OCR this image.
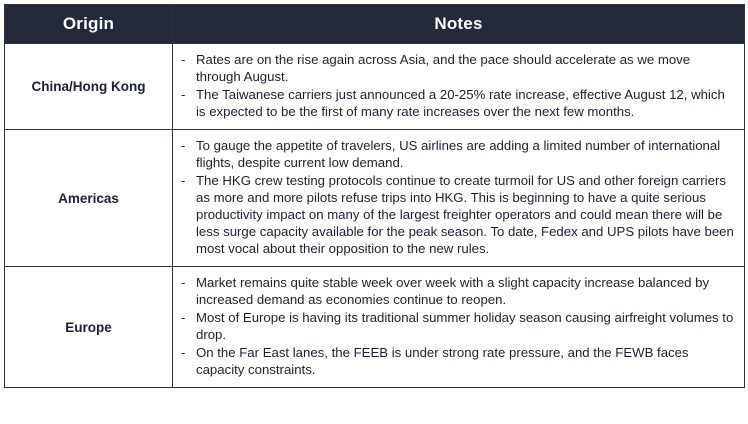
Origin	Notes
China/Hong Kong	
- Rates are on the rise again across Asia, and the pace should accelerate as we move through August.
- The Taiwanese carriers just announced a 20-25% rate increase, effective August 12, which is expected to be the first of many rate increases over the next few months.

Americas	
- To gauge the appetite of travelers, US airlines are adding a limited number of international flights, despite current low demand.
- The HKG crew testing protocols continue to create turmoil for US and other foreign carriers as more and more pilots refuse trips into HKG. This is beginning to have a quite serious productivity impact on many of the largest freighter operators and could mean there will be less surge capacity available for the peak season. To date, Fedex and UPS pilots have been most vocal about their opposition to the new rules.

Europe	
- Market remains quite stable week over week with a slight capacity increase balanced by increased demand as economies continue to reopen.
- Most of Europe is having its traditional summer holiday season causing airfreight volumes to drop.
- On the Far East lanes, the FEEB is under strong rate pressure, and the FEWB faces capacity constraints.
